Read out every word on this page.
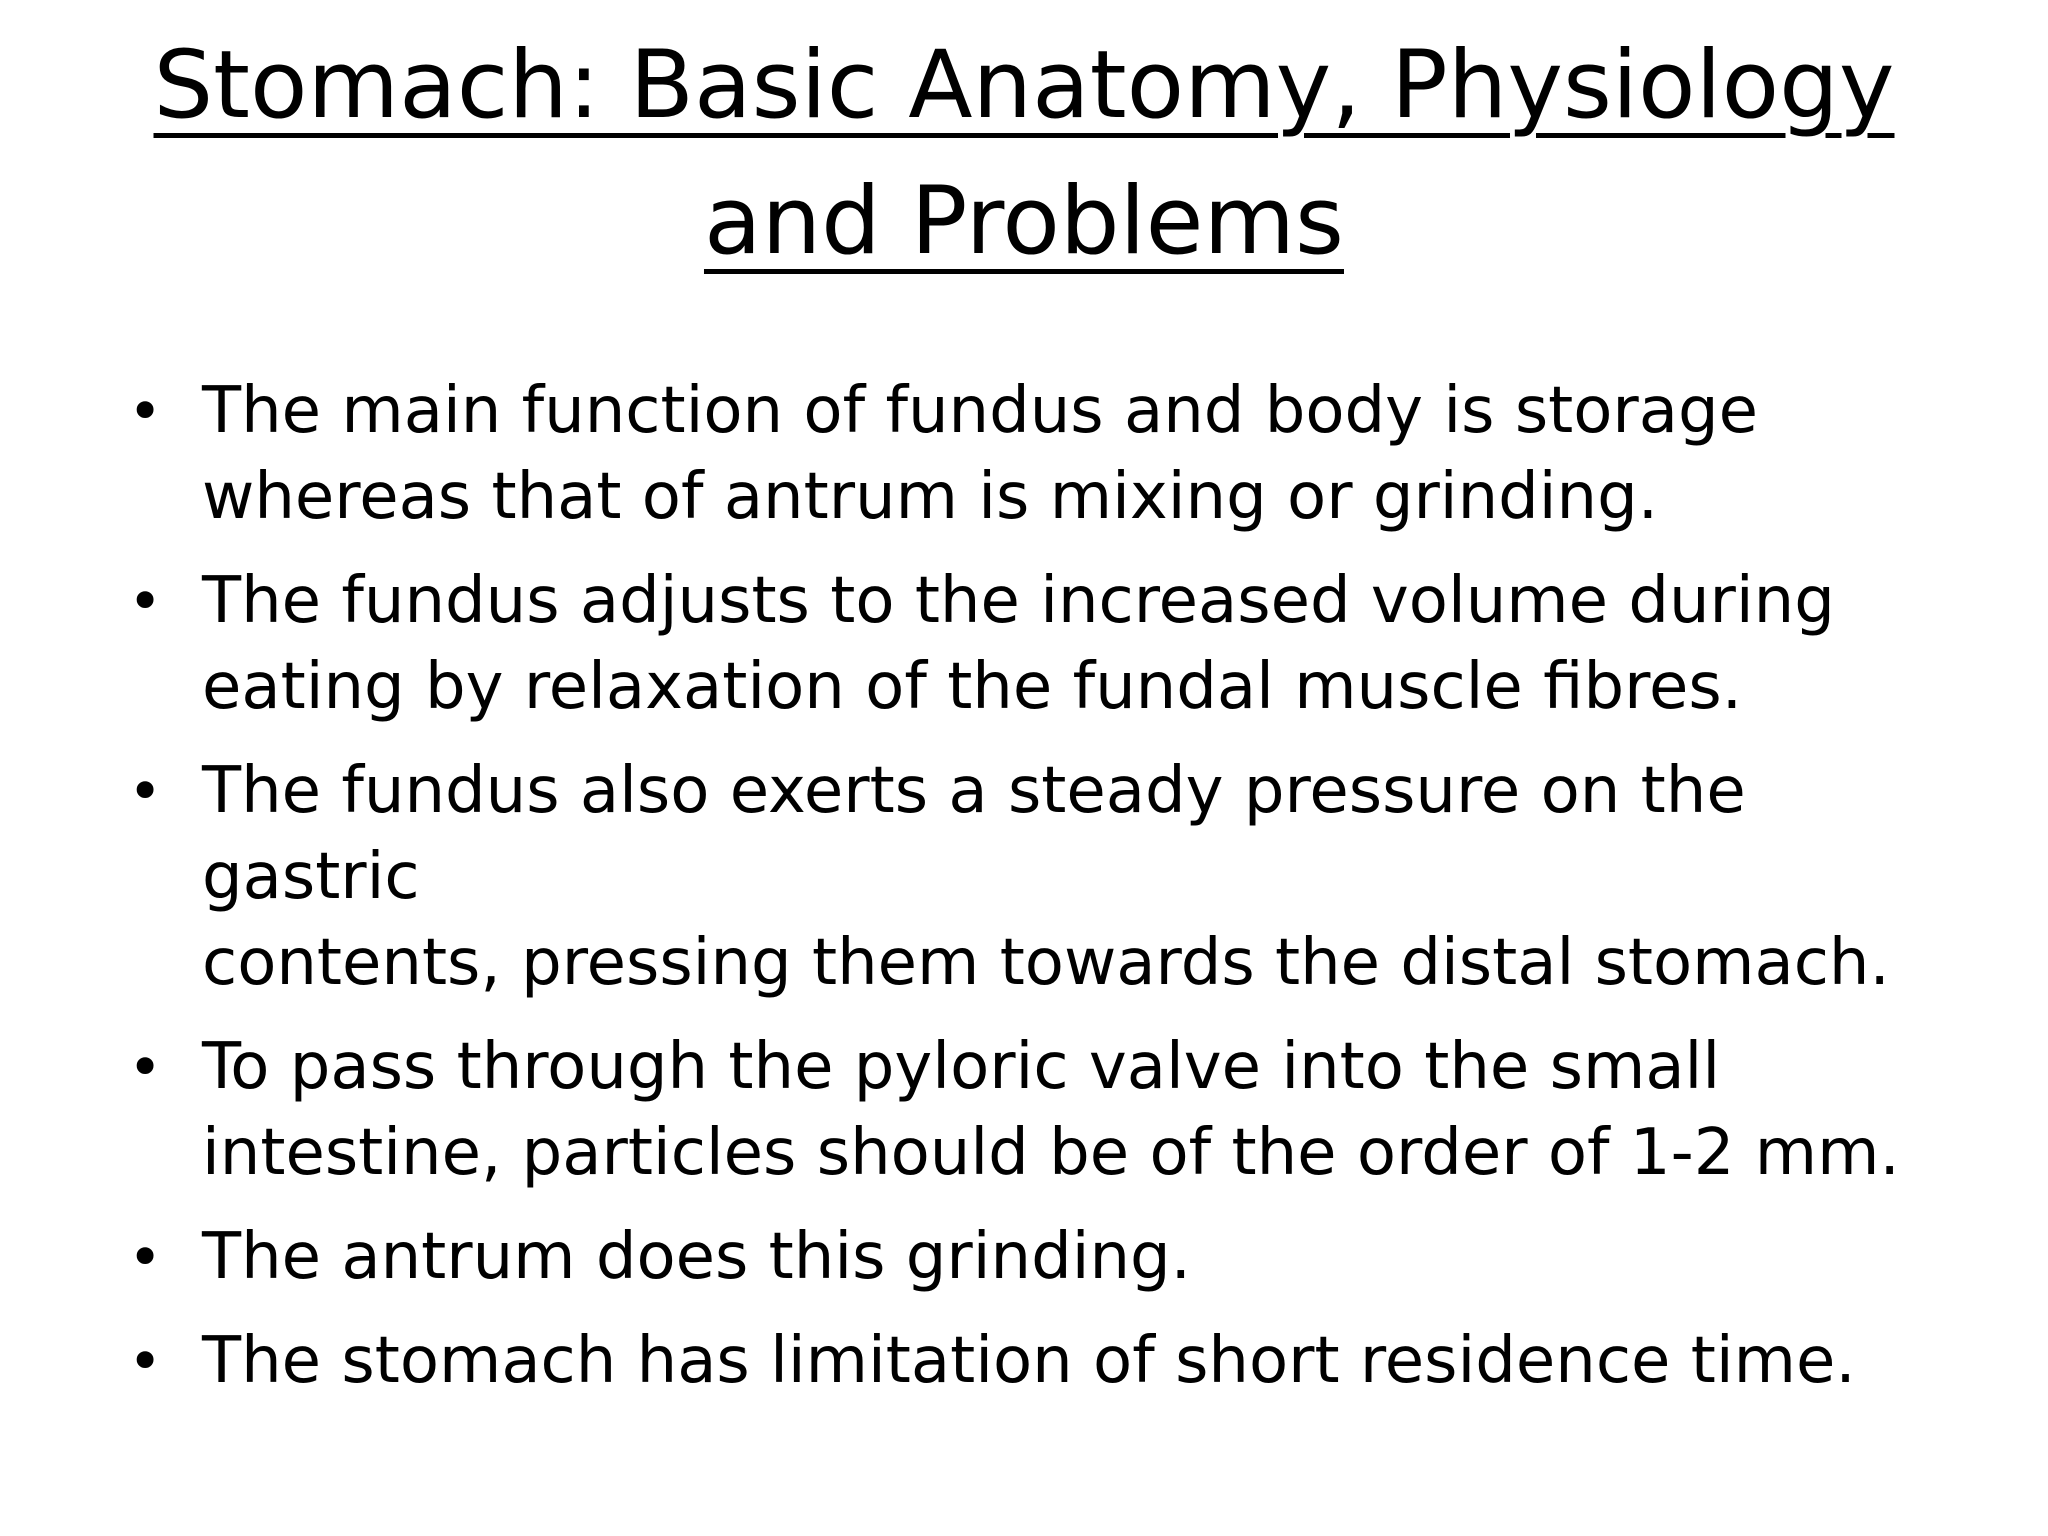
Stomach: Basic Anatomy, Physiology
and Problems
• The main function of fundus and body is storage
whereas that of antrum is mixing or grinding.
• The fundus adjusts to the increased volume during
eating by relaxation of the fundal muscle fibres.
• The fundus also exerts a steady pressure on the gastric
contents, pressing them towards the distal stomach.
• To pass through the pyloric valve into the small
intestine, particles should be of the order of 1-2 mm.
• The antrum does this grinding.
• The stomach has limitation of short residence time.
